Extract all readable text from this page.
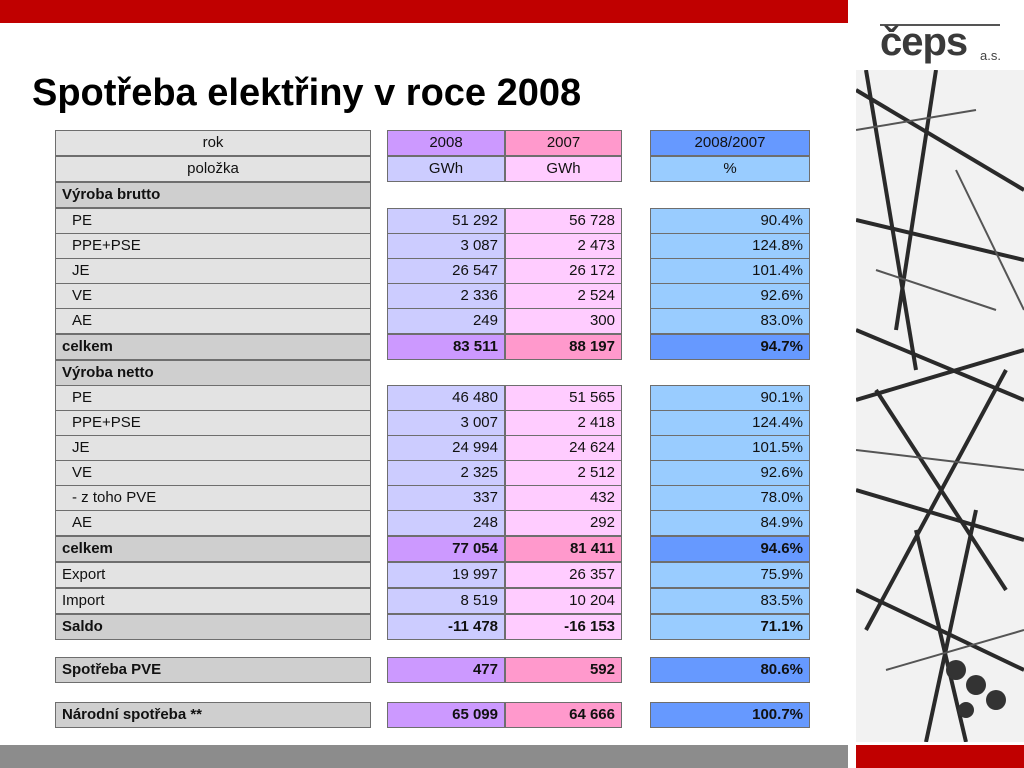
čeps a.s.
Spotřeba elektřiny v roce 2008
rok	2008	2007	2008/2007
položka	GWh	GWh	%
Výroba brutto
PE	51 292	56 728	90.4%
PPE+PSE	3 087	2 473	124.8%
JE	26 547	26 172	101.4%
VE	2 336	2 524	92.6%
AE	249	300	83.0%
celkem	83 511	88 197	94.7%
Výroba netto
PE	46 480	51 565	90.1%
PPE+PSE	3 007	2 418	124.4%
JE	24 994	24 624	101.5%
VE	2 325	2 512	92.6%
- z toho PVE	337	432	78.0%
AE	248	292	84.9%
celkem	77 054	81 411	94.6%
Export	19 997	26 357	75.9%
Import	8 519	10 204	83.5%
Saldo	-11 478	-16 153	71.1%
Spotřeba PVE	477	592	80.6%
Národní spotřeba **	65 099	64 666	100.7%
